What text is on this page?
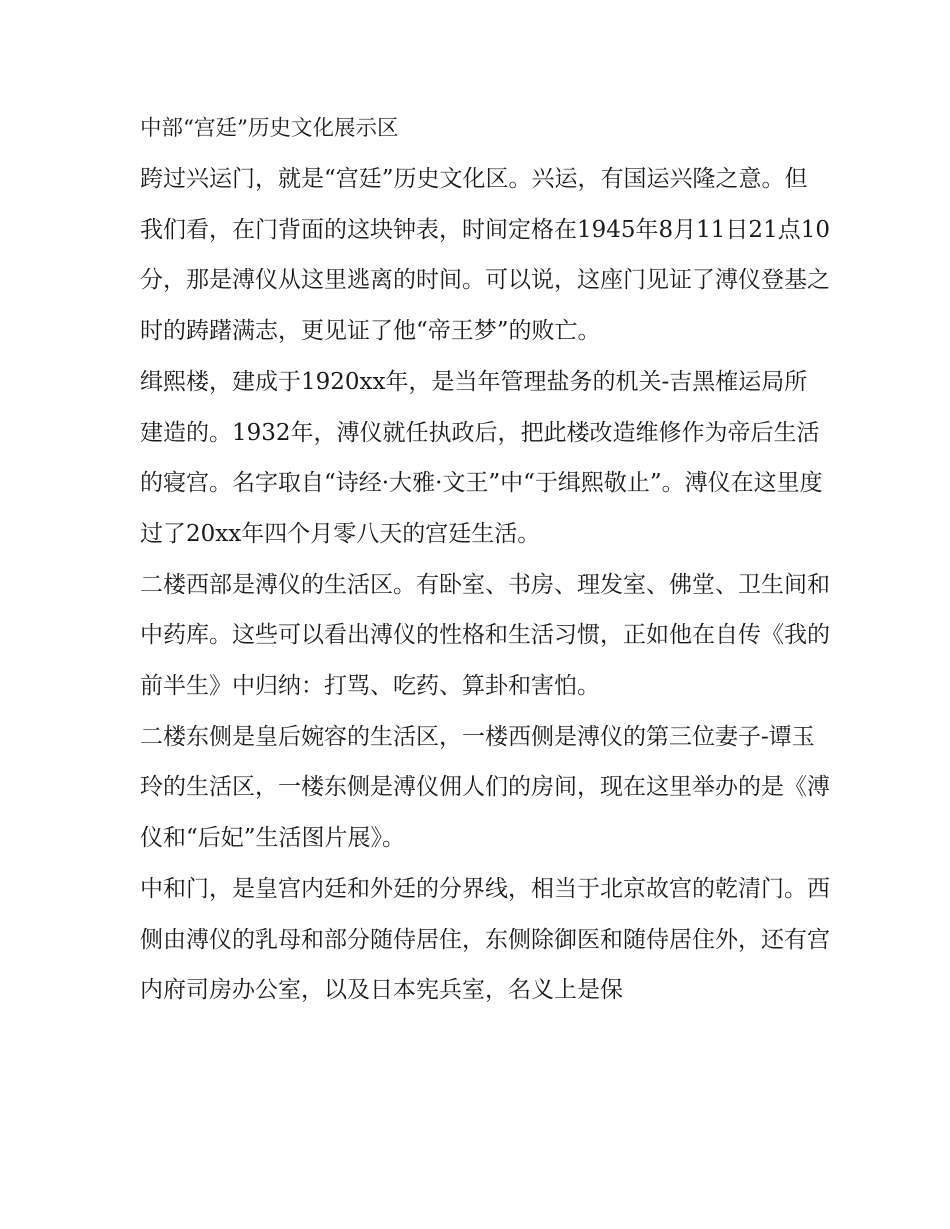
中部“宫廷”历史文化展示区

跨过兴运门，就是“宫廷”历史文化区。兴运，有国运兴隆之意。但我们看，在门背面的这块钟表，时间定格在1945年8月11日21点10分，那是溥仪从这里逃离的时间。可以说，这座门见证了溥仪登基之时的踌躇满志，更见证了他“帝王梦”的败亡。

缉熙楼，建成于1920xx年，是当年管理盐务的机关-吉黑榷运局所建造的。1932年，溥仪就任执政后，把此楼改造维修作为帝后生活的寝宫。名字取自“诗经·大雅·文王”中“于缉熙敬止”。溥仪在这里度过了20xx年四个月零八天的宫廷生活。

二楼西部是溥仪的生活区。有卧室、书房、理发室、佛堂、卫生间和中药库。这些可以看出溥仪的性格和生活习惯，正如他在自传《我的前半生》中归纳：打骂、吃药、算卦和害怕。

二楼东侧是皇后婉容的生活区，一楼西侧是溥仪的第三位妻子-谭玉玲的生活区，一楼东侧是溥仪佣人们的房间，现在这里举办的是《溥仪和“后妃”生活图片展》。

中和门，是皇宫内廷和外廷的分界线，相当于北京故宫的乾清门。西侧由溥仪的乳母和部分随侍居住，东侧除御医和随侍居住外，还有宫内府司房办公室，以及日本宪兵室，名义上是保
